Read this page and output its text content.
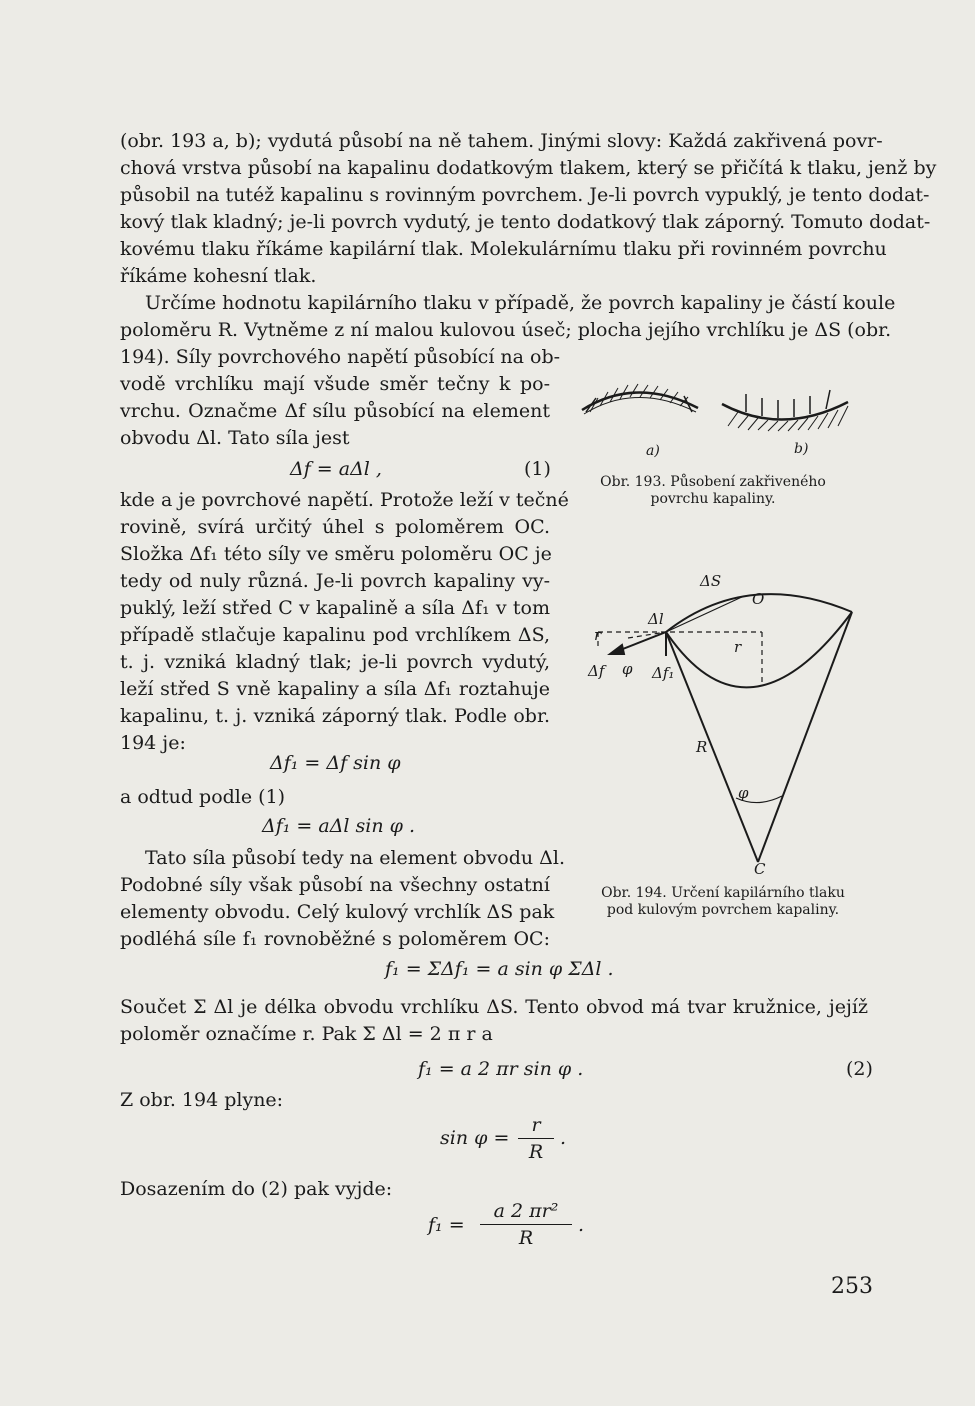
(obr. 193 a, b); vydutá působí na ně tahem. Jinými slovy: Každá zakřivená povr-
chová vrstva působí na kapalinu dodatkovým tlakem, který se přičítá k tlaku, jenž by
působil na tutéž kapalinu s rovinným povrchem. Je-li povrch vypuklý, je tento dodat-
kový tlak kladný; je-li povrch vydutý, je tento dodatkový tlak záporný. Tomuto dodat-
kovému tlaku říkáme kapilární tlak. Molekulárnímu tlaku při rovinném povrchu
říkáme kohesní tlak.
Určíme hodnotu kapilárního tlaku v případě, že povrch kapaliny je částí koule
poloměru R. Vytněme z ní malou kulovou úseč; plocha jejího vrchlíku je ΔS (obr.
194). Síly povrchového napětí působící na ob-
vodě vrchlíku mají všude směr tečny k po-
vrchu. Označme Δf sílu působící na element
obvodu Δl. Tato síla jest
Δf = aΔl ,	(1)
kde a je povrchové napětí. Protože leží v tečné
rovině, svírá určitý úhel s poloměrem OC.
Složka Δf₁ této síly ve směru poloměru OC je
tedy od nuly různá. Je-li povrch kapaliny vy-
puklý, leží střed C v kapalině a síla Δf₁ v tom
případě stlačuje kapalinu pod vrchlíkem ΔS,
t. j. vzniká kladný tlak; je-li povrch vydutý,
leží střed S vně kapaliny a síla Δf₁ roztahuje
kapalinu, t. j. vzniká záporný tlak. Podle obr.
194 je:
Δf₁ = Δf sin φ
a odtud podle (1)
Δf₁ = aΔl sin φ .
Tato síla působí tedy na element obvodu Δl.
Podobné síly však působí na všechny ostatní
elementy obvodu. Celý kulový vrchlík ΔS pak
podléhá síle f₁ rovnoběžné s poloměrem OC:
f₁ = ΣΔf₁ = a sin φ ΣΔl .
Součet Σ Δl je délka obvodu vrchlíku ΔS. Tento obvod má tvar kružnice, jejíž
poloměr označíme r. Pak Σ Δl = 2 π r a
f₁ = a 2 πr sin φ .	(2)
Z obr. 194 plyne:
sin φ =
r
R
.
Dosazením do (2) pak vyjde:
f₁ =
a 2 πr²
R
.
a)	b)
Obr. 193. Působení zakřiveného
povrchu kapaliny.
ΔS
O
Δl
r
r
Δf φ Δf₁
R
φ
C
Obr. 194. Určení kapilárního tlaku
pod kulovým povrchem kapaliny.
253
